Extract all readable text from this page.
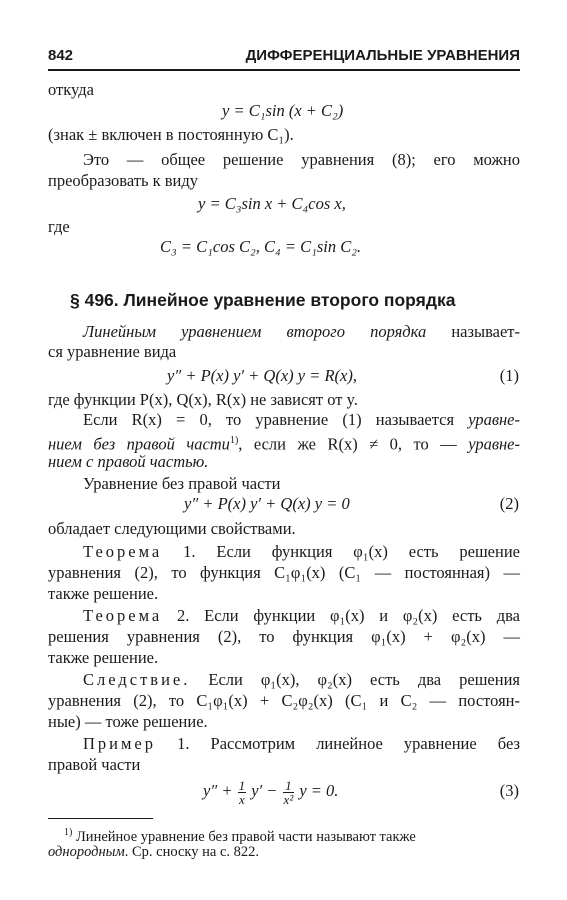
842	ДИФФЕРЕНЦИАЛЬНЫЕ УРАВНЕНИЯ
откуда
y = C₁sin (x + C₂)
(знак ± включен в постоянную C₁).
Это — общее решение уравнения (8); его можно
преобразовать к виду
y = C₃sin x + C₄cos x,
где
C₃ = C₁cos C₂, C₄ = C₁sin C₂.
§ 496. Линейное уравнение второго порядка
Линейным уравнением второго порядка называет-
ся уравнение вида
y″ + P(x) y′ + Q(x) y = R(x),	(1)
где функции P(x), Q(x), R(x) не зависят от y.
Если R(x) = 0, то уравнение (1) называется уравне-
нием без правой части$^{1)}$, если же R(x) ≠ 0, то — уравне-
нием с правой частью.
Уравнение без правой части
y″ + P(x) y′ + Q(x) y = 0	(2)
обладает следующими свойствами.
Теорема 1. Если функция φ₁(x) есть решение
уравнения (2), то функция C₁φ₁(x) (C₁ — постоянная) —
также решение.
Теорема 2. Если функции φ₁(x) и φ₂(x) есть два
решения уравнения (2), то функция φ₁(x) + φ₂(x) —
также решение.
Следствие. Если φ₁(x), φ₂(x) есть два решения
уравнения (2), то C₁φ₁(x) + C₂φ₂(x) (C₁ и C₂ — постоян-
ные) — тоже решение.
Пример 1. Рассмотрим линейное уравнение без
правой части
$y'' + \frac{1}{x} y' - \frac{1}{\text{x²}}$ y = 0.	(3)
$^{1)}$ Линейное уравнение без правой части называют также
однородным. Ср. сноску на с. 822.
